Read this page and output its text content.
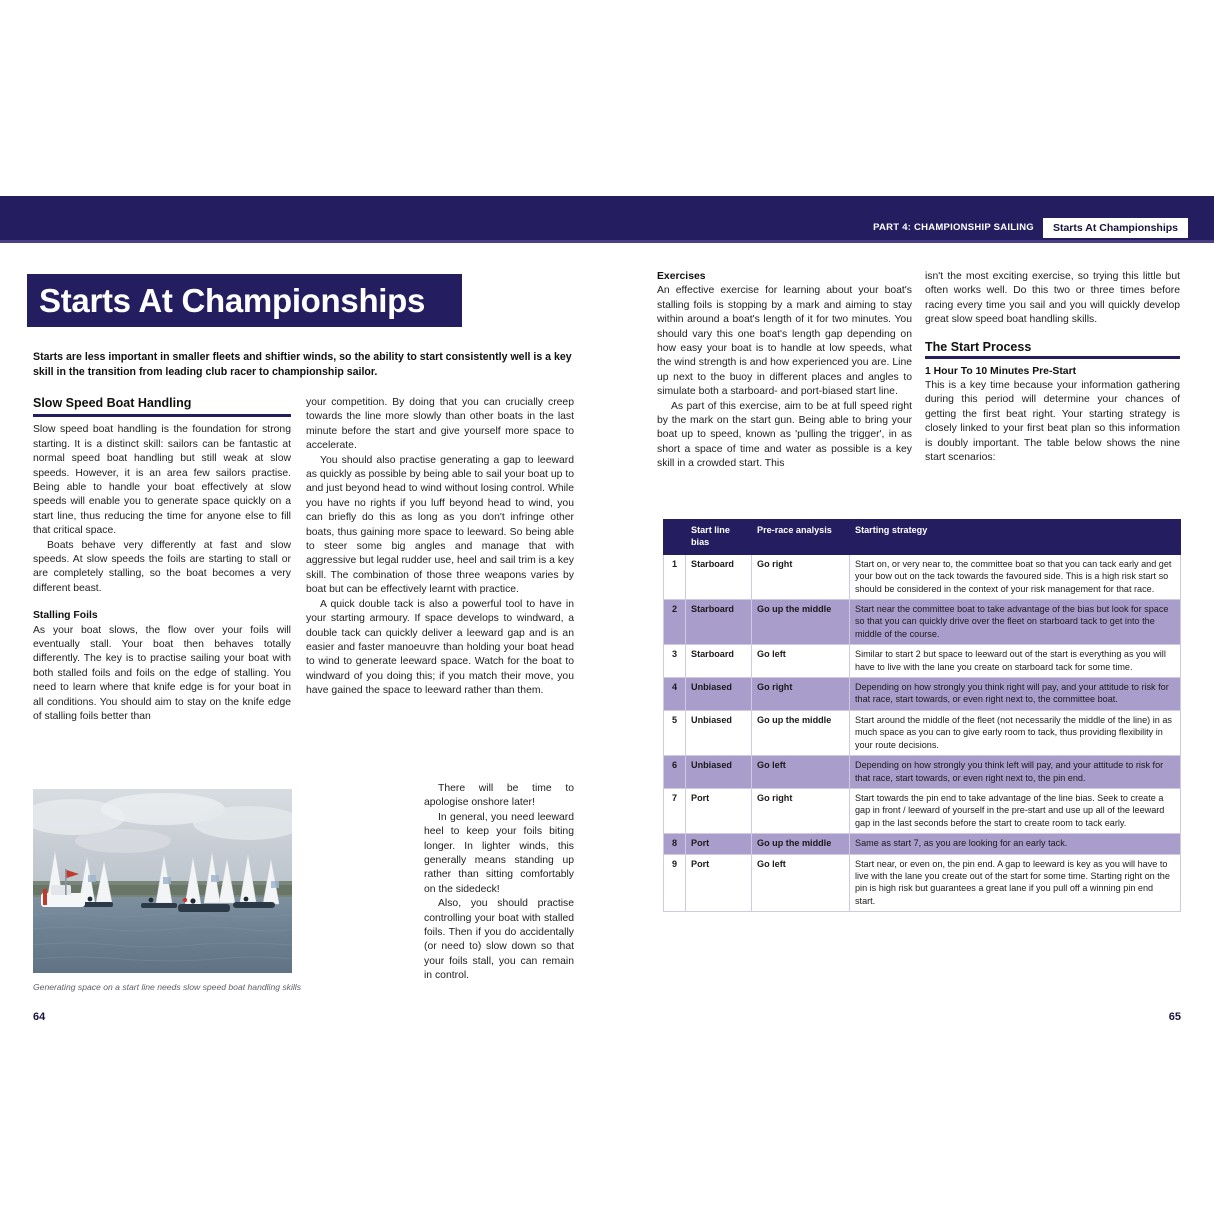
PART 4: CHAMPIONSHIP SAILING	Starts At Championships
Starts At Championships
Starts are less important in smaller fleets and shiftier winds, so the ability to start consistently well is a key skill in the transition from leading club racer to championship sailor.
Slow Speed Boat Handling

Slow speed boat handling is the foundation for strong starting. It is a distinct skill: sailors can be fantastic at normal speed boat handling but still weak at slow speeds. However, it is an area few sailors practise. Being able to handle your boat effectively at slow speeds will enable you to generate space quickly on a start line, thus reducing the time for anyone else to fill that critical space.

Boats behave very differently at fast and slow speeds. At slow speeds the foils are starting to stall or are completely stalling, so the boat becomes a very different beast.

Stalling Foils

As your boat slows, the flow over your foils will eventually stall. Your boat then behaves totally differently. The key is to practise sailing your boat with both stalled foils and foils on the edge of stalling. You need to learn where that knife edge is for your boat in all conditions. You should aim to stay on the knife edge of stalling foils better than

your competition. By doing that you can crucially creep towards the line more slowly than other boats in the last minute before the start and give yourself more space to accelerate.

You should also practise generating a gap to leeward as quickly as possible by being able to sail your boat up to and just beyond head to wind without losing control. While you have no rights if you luff beyond head to wind, you can briefly do this as long as you don't infringe other boats, thus gaining more space to leeward. So being able to steer some big angles and manage that with aggressive but legal rudder use, heel and sail trim is a key skill. The combination of those three weapons varies by boat but can be effectively learnt with practice.

A quick double tack is also a powerful tool to have in your starting armoury. If space develops to windward, a double tack can quickly deliver a leeward gap and is an easier and faster manoeuvre than holding your boat head to wind to generate leeward space. Watch for the boat to windward of you doing this; if you match their move, you have gained the space to leeward rather than them.

There will be time to apologise onshore later!

In general, you need leeward heel to keep your foils biting longer. In lighter winds, this generally means standing up rather than sitting comfortably on the sidedeck!

Also, you should practise controlling your boat with stalled foils. Then if you do accidentally (or need to) slow down so that your foils stall, you can remain in control.

Generating space on a start line needs slow speed boat handling skills
64
Exercises

An effective exercise for learning about your boat's stalling foils is stopping by a mark and aiming to stay within around a boat's length of it for two minutes. You should vary this one boat's length gap depending on how easy your boat is to handle at low speeds, what the wind strength is and how experienced you are. Line up next to the buoy in different places and angles to simulate both a starboard- and port-biased start line.

As part of this exercise, aim to be at full speed right by the mark on the start gun. Being able to bring your boat up to speed, known as 'pulling the trigger', in as short a space of time and water as possible is a key skill in a crowded start. This

isn't the most exciting exercise, so trying this little but often works well. Do this two or three times before racing every time you sail and you will quickly develop great slow speed boat handling skills.

The Start Process
1 Hour To 10 Minutes Pre-Start

This is a key time because your information gathering during this period will determine your chances of getting the first beat right. Your starting strategy is closely linked to your first beat plan so this information is doubly important. The table below shows the nine start scenarios:

	Start line bias	Pre-race analysis	Starting strategy
1	Starboard	Go right	Start on, or very near to, the committee boat so that you can tack early and get your bow out on the tack towards the favoured side. This is a high risk start so should be considered in the context of your risk management for that race.
2	Starboard	Go up the middle	Start near the committee boat to take advantage of the bias but look for space so that you can quickly drive over the fleet on starboard tack to get into the middle of the course.
3	Starboard	Go left	Similar to start 2 but space to leeward out of the start is everything as you will have to live with the lane you create on starboard tack for some time.
4	Unbiased	Go right	Depending on how strongly you think right will pay, and your attitude to risk for that race, start towards, or even right next to, the committee boat.
5	Unbiased	Go up the middle	Start around the middle of the fleet (not necessarily the middle of the line) in as much space as you can to give early room to tack, thus providing flexibility in your route decisions.
6	Unbiased	Go left	Depending on how strongly you think left will pay, and your attitude to risk for that race, start towards, or even right next to, the pin end.
7	Port	Go right	Start towards the pin end to take advantage of the line bias. Seek to create a gap in front / leeward of yourself in the pre-start and use up all of the leeward gap in the last seconds before the start to create room to tack early.
8	Port	Go up the middle	Same as start 7, as you are looking for an early tack.
9	Port	Go left	Start near, or even on, the pin end. A gap to leeward is key as you will have to live with the lane you create out of the start for some time. Starting right on the pin is high risk but guarantees a great lane if you pull off a winning pin end start.
65
